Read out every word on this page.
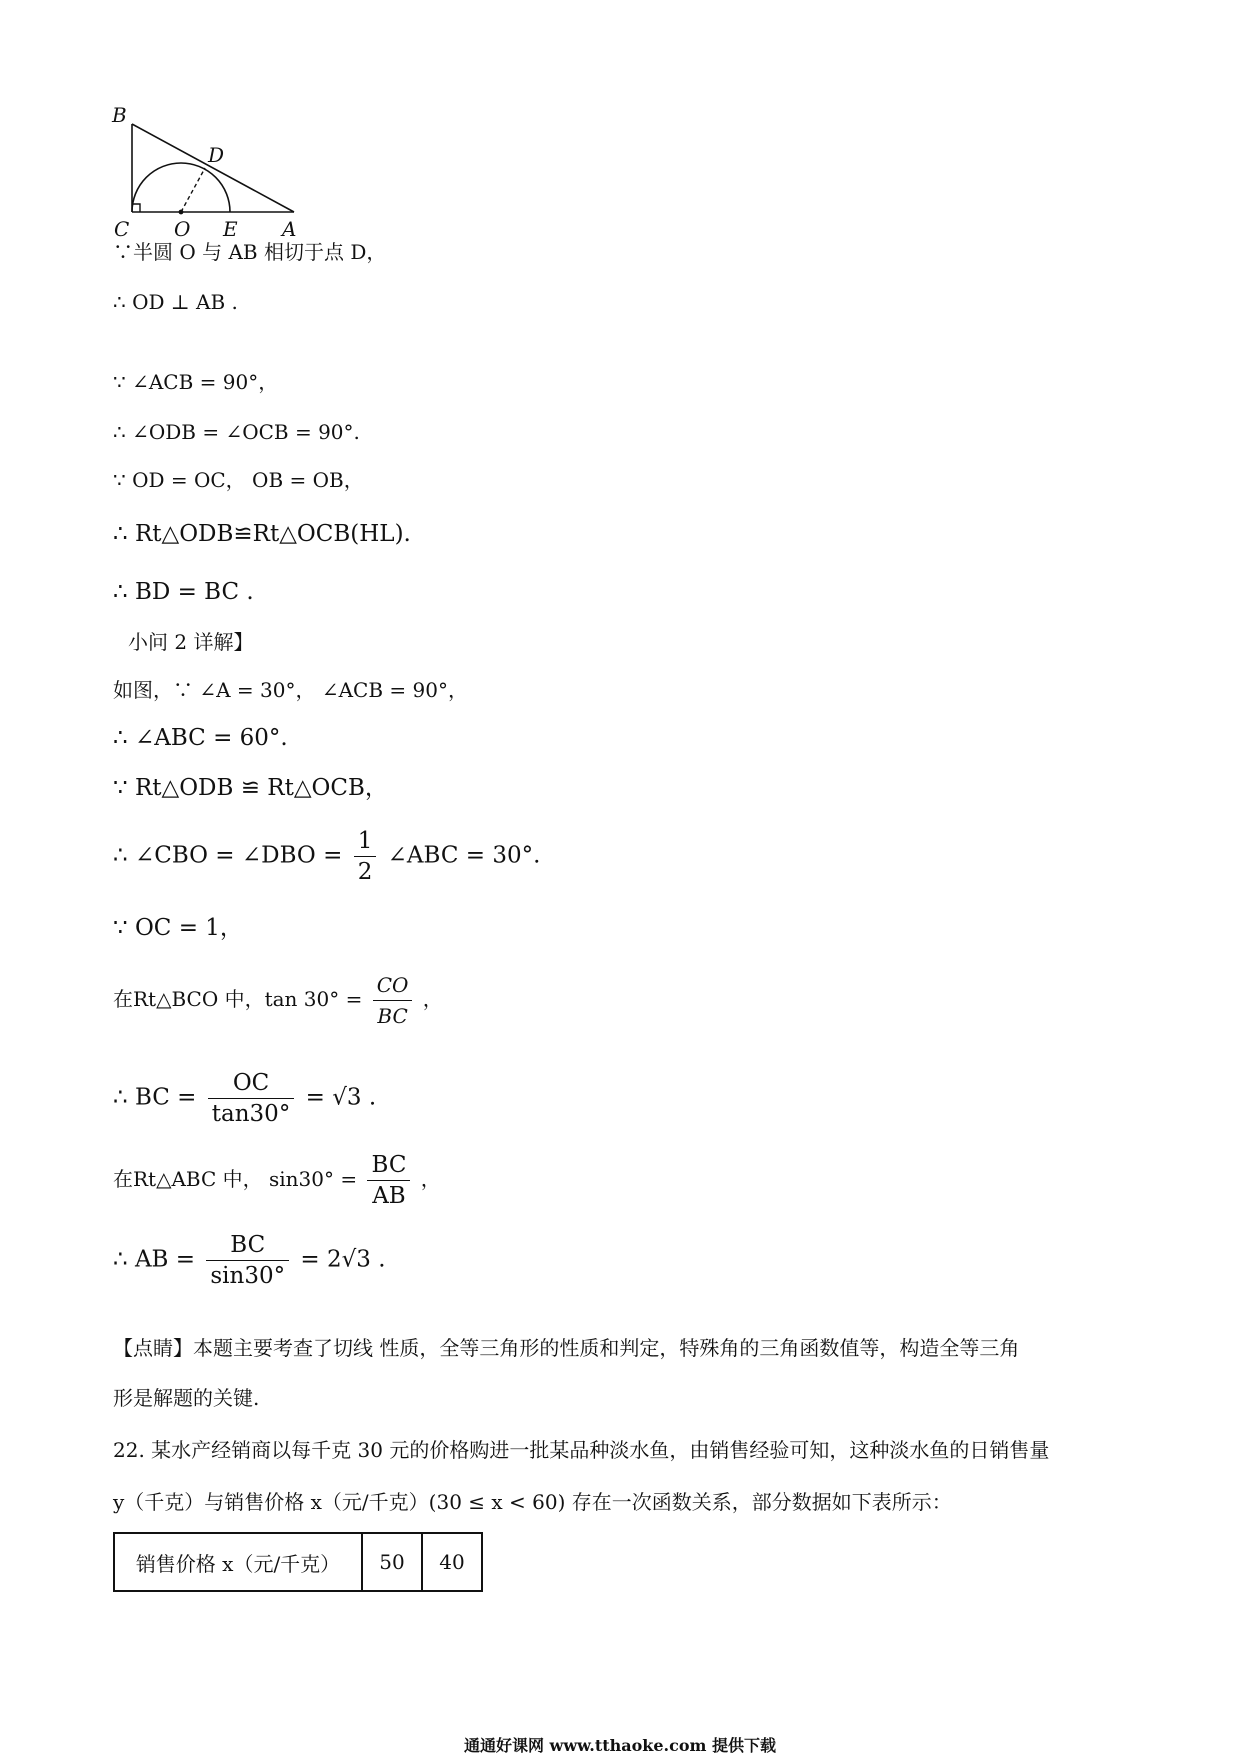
B
D
C O E A
∵半圆 O 与 AB 相切于点 D，
∴ OD ⊥ AB .
∵ ∠ACB = 90°，
∴ ∠ODB = ∠OCB = 90°.
∵ OD = OC， OB = OB，
∴ Rt△ODB≌Rt△OCB(HL).
∴ BD = BC .
小问 2 详解】
如图，∵ ∠A = 30°， ∠ACB = 90°，
∴ ∠ABC = 60°.
∵ Rt△ODB ≌ Rt△OCB，
∴ ∠CBO = ∠DBO = $\frac{1}{2}$ ∠ABC = 30°.
∵ OC = 1，
在Rt△BCO 中，$\tan 30^\circ = \frac{CO}{BC}$ ，
∴ BC = $\frac{OC}{\tan 30^\circ} = √3$ .
在Rt△ABC 中， $\sin 30^\circ = \frac{BC}{AB}$ ，
∴ AB = $\frac{BC}{\sin 30^\circ} = 2√3$ .
【点睛】本题主要考查了切线 性质，全等三角形的性质和判定，特殊角的三角函数值等，构造全等三角
形是解题的关键.
22. 某水产经销商以每千克 30 元的价格购进一批某品种淡水鱼，由销售经验可知，这种淡水鱼的日销售量
y（千克）与销售价格 x（元/千克）(30 ≤ x < 60) 存在一次函数关系，部分数据如下表所示：
销售价格 x（元/千克）	50	40
通通好课网 www.tthaoke.com 提供下载
